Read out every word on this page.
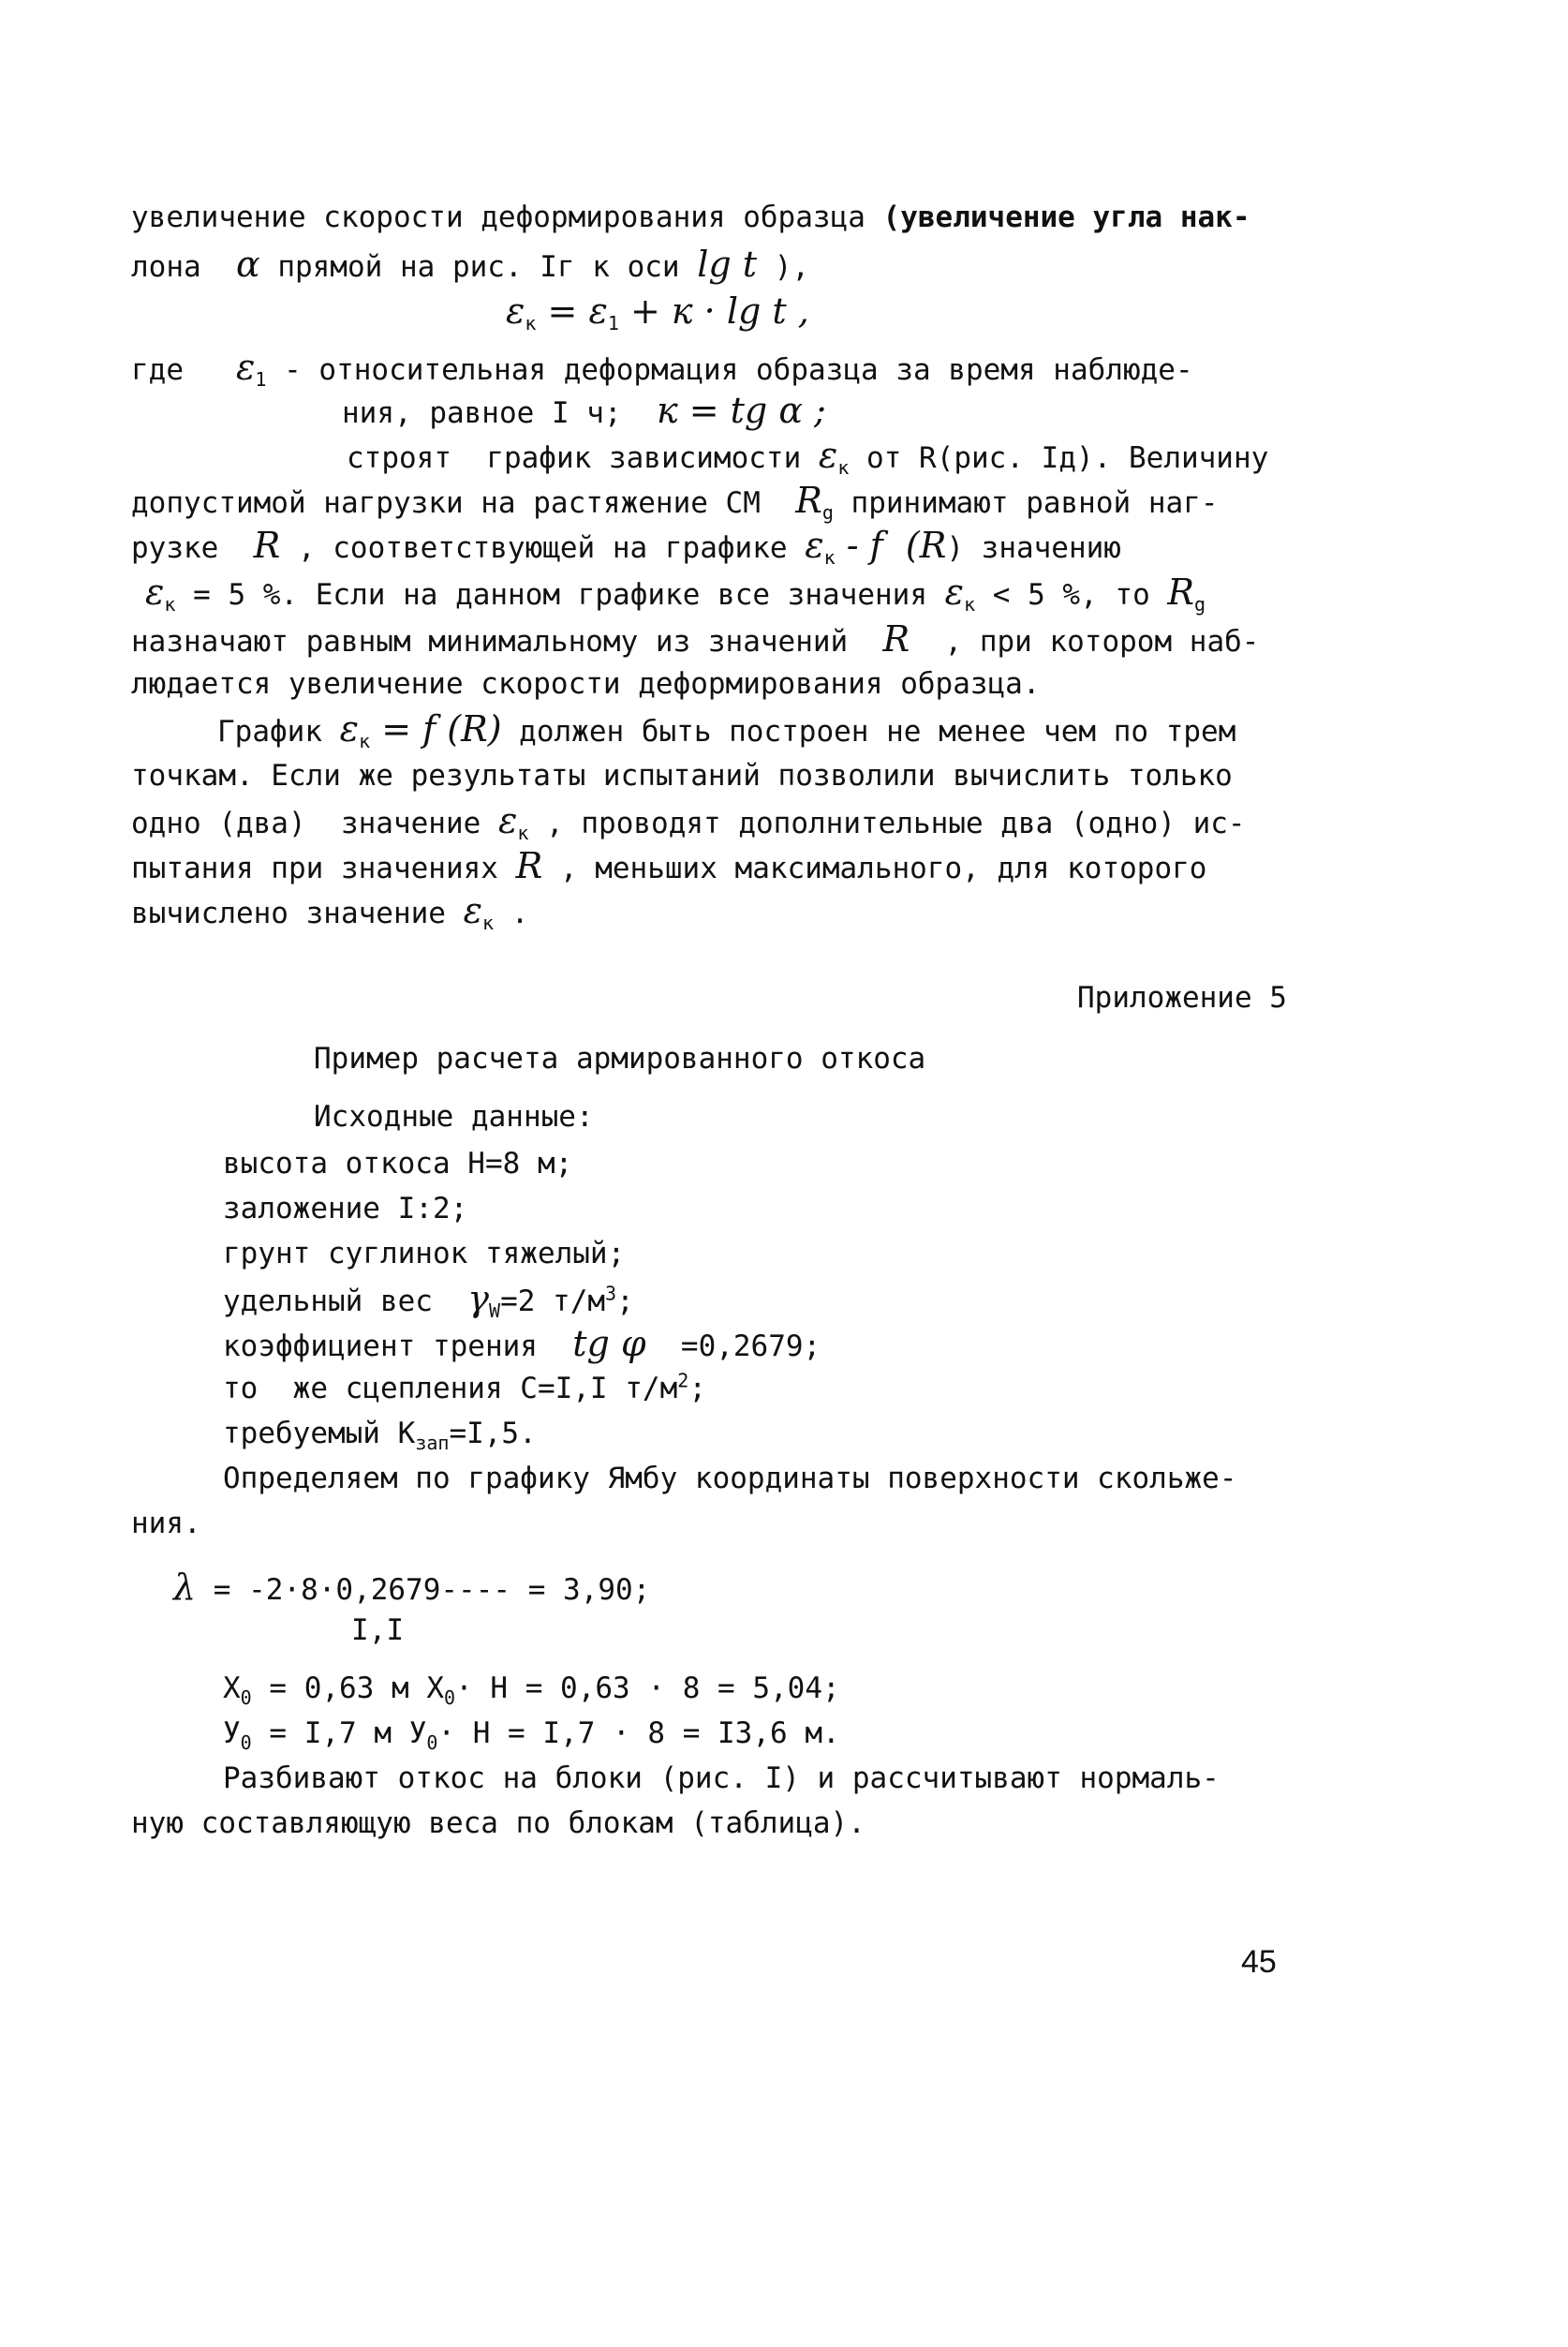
увеличение скорости деформирования образца (увеличение угла нак-
лона  α прямой на рис. Iг к оси lg t ),
$\varepsilon_к = \varepsilon_1 + к \cdot \lg t$ ,
где   $\varepsilon_1$ - относительная деформация образца за время наблюде-
ния, равное I ч;  к = tg α ;
строят  график зависимости $\varepsilon_к$ от R(рис. Iд). Величину
допустимой нагрузки на растяжение СМ  $R_g$ принимают равной наг-
рузке  R , соответствующей на графике $\varepsilon_к$ - f  (R) значению
$\varepsilon_к = 5$ %. Если на данном графике все значения $\varepsilon_к < 5$ %, то $R_g$
назначают равным минимальному из значений  R  , при котором наб-
людается увеличение скорости деформирования образца.
График $\varepsilon_к = f$ (R) должен быть построен не менее чем по трем
точкам. Если же результаты испытаний позволили вычислить только
одно (два)  значение $\varepsilon_к$ , проводят дополнительные два (одно) ис-
пытания при значениях R , меньших максимального, для которого
вычислено значение $\varepsilon_к$ .
Приложение 5
Пример расчета армированного откоса
Исходные данные:
высота откоса H=8 м;
заложение I:2;
грунт суглинок тяжелый;
удельный вес  $\gamma_W=2$ $т/м^3$;
коэффициент трения  tg φ  =0,2679;
то  же сцепления C=I,I $т/м^2$;
требуемый $K_{зап}=I,5$.
Определяем по графику Ямбу координаты поверхности скольже-
ния.
λ = -2·8·0,2679---- = 3,90;
I,I
$X_0 = 0,63$ м $X_0\cdot H = 0,63 \cdot 8 = 5,04$;
$У_0 = I,7$ м $У_0\cdot H = I,7 \cdot 8 = I3,6$ м.
Разбивают откос на блоки (рис. I) и рассчитывают нормаль-
ную составляющую веса по блокам (таблица).
45
